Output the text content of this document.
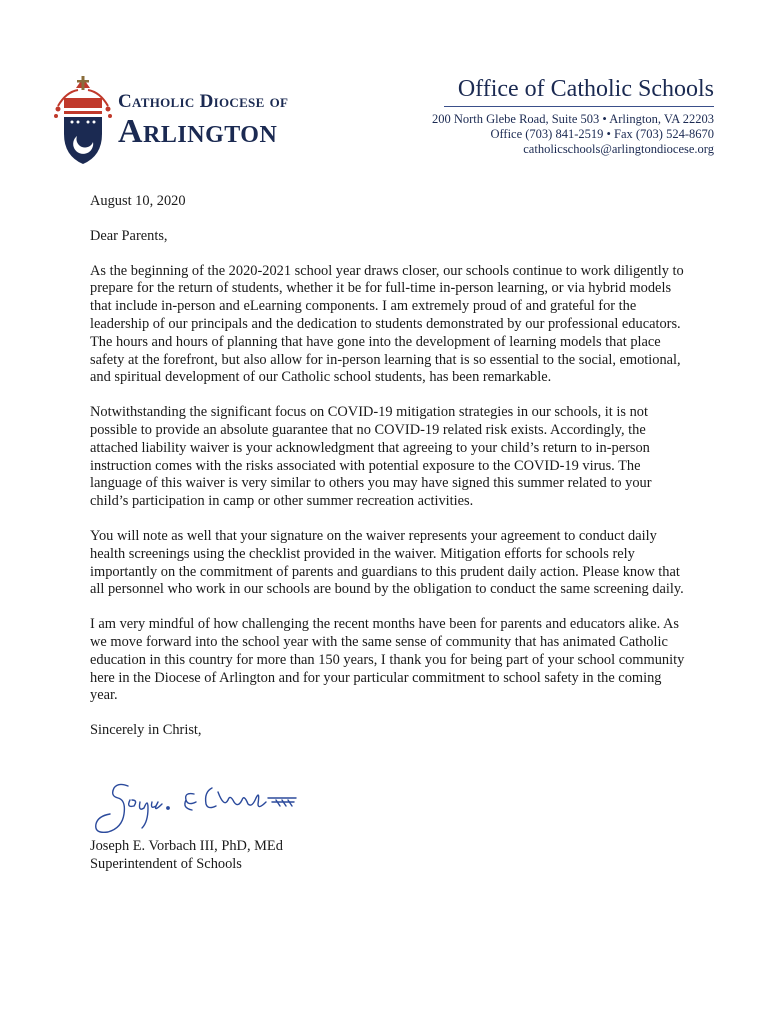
Catholic Diocese of
Arlington
Office of Catholic Schools
200 North Glebe Road, Suite 503 • Arlington, VA 22203
Office (703) 841-2519 • Fax (703) 524-8670
catholicschools@arlingtondiocese.org

August 10, 2020

Dear Parents,

As the beginning of the 2020-2021 school year draws closer, our schools continue to work diligently to prepare for the return of students, whether it be for full-time in-person learning, or via hybrid models that include in-person and eLearning components. I am extremely proud of and grateful for the leadership of our principals and the dedication to students demonstrated by our professional educators. The hours and hours of planning that have gone into the development of learning models that place safety at the forefront, but also allow for in-person learning that is so essential to the social, emotional, and spiritual development of our Catholic school students, has been remarkable.

Notwithstanding the significant focus on COVID-19 mitigation strategies in our schools, it is not possible to provide an absolute guarantee that no COVID-19 related risk exists. Accordingly, the attached liability waiver is your acknowledgment that agreeing to your child’s return to in-person instruction comes with the risks associated with potential exposure to the COVID-19 virus. The language of this waiver is very similar to others you may have signed this summer related to your child’s participation in camp or other summer recreation activities.

You will note as well that your signature on the waiver represents your agreement to conduct daily health screenings using the checklist provided in the waiver. Mitigation efforts for schools rely importantly on the commitment of parents and guardians to this prudent daily action. Please know that all personnel who work in our schools are bound by the obligation to conduct the same screening daily.

I am very mindful of how challenging the recent months have been for parents and educators alike. As we move forward into the school year with the same sense of community that has animated Catholic education in this country for more than 150 years, I thank you for being part of your school community here in the Diocese of Arlington and for your particular commitment to school safety in the coming year.

Sincerely in Christ,

Joseph E. Vorbach III, PhD, MEd
Superintendent of Schools
